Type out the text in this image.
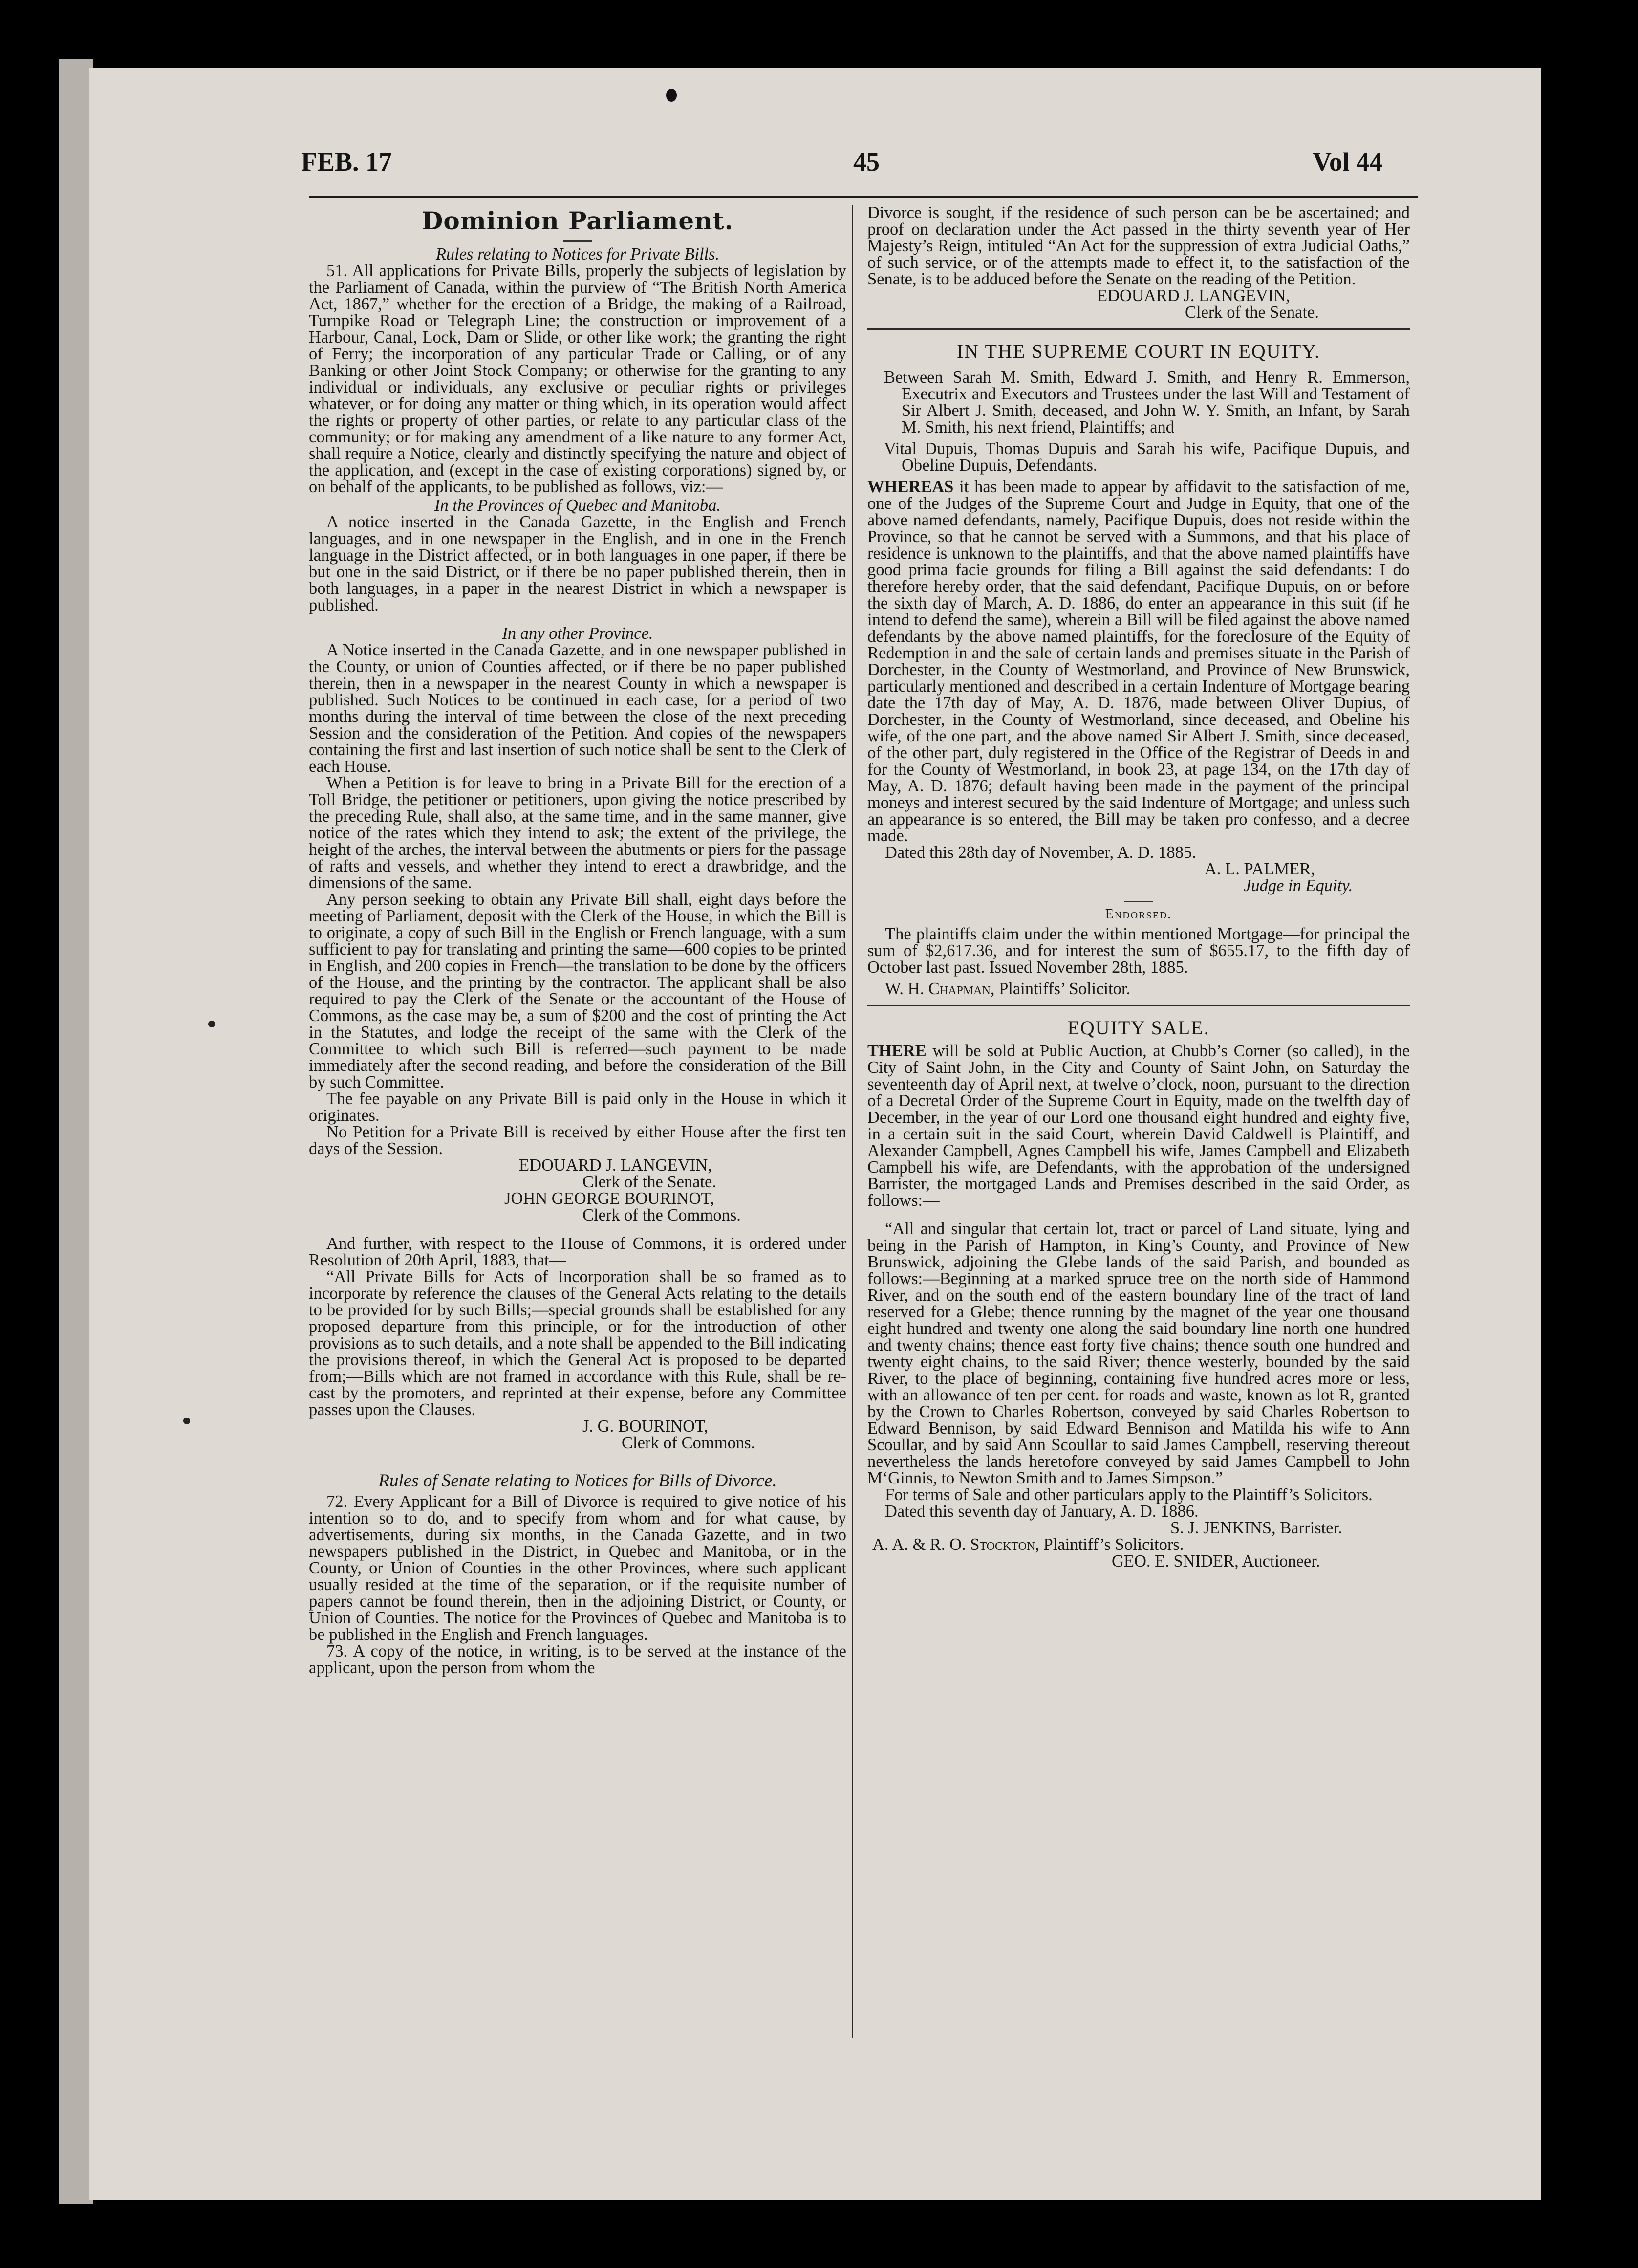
FEB. 17	45	Vol 44
Dominion Parliament.

Rules relating to Notices for Private Bills.

51. All applications for Private Bills, properly the subjects of legislation by the Parliament of Canada, within the purview of “The British North America Act, 1867,” whether for the erection of a Bridge, the making of a Railroad, Turnpike Road or Telegraph Line; the construction or improvement of a Harbour, Canal, Lock, Dam or Slide, or other like work; the granting the right of Ferry; the incorporation of any particular Trade or Calling, or of any Banking or other Joint Stock Company; or otherwise for the granting to any individual or individuals, any exclusive or peculiar rights or privileges whatever, or for doing any matter or thing which, in its operation would affect the rights or property of other parties, or relate to any particular class of the community; or for making any amendment of a like nature to any former Act, shall require a Notice, clearly and distinctly specifying the nature and object of the application, and (except in the case of existing corporations) signed by, or on behalf of the applicants, to be published as follows, viz:—

In the Provinces of Quebec and Manitoba.

A notice inserted in the Canada Gazette, in the English and French languages, and in one newspaper in the English, and in one in the French language in the District affected, or in both languages in one paper, if there be but one in the said District, or if there be no paper published therein, then in both languages, in a paper in the nearest District in which a newspaper is published.

In any other Province.

A Notice inserted in the Canada Gazette, and in one newspaper published in the County, or union of Counties affected, or if there be no paper published therein, then in a newspaper in the nearest County in which a newspaper is published. Such Notices to be continued in each case, for a period of two months during the interval of time between the close of the next preceding Session and the consideration of the Petition. And copies of the newspapers containing the first and last insertion of such notice shall be sent to the Clerk of each House.

When a Petition is for leave to bring in a Private Bill for the erection of a Toll Bridge, the petitioner or petitioners, upon giving the notice prescribed by the preceding Rule, shall also, at the same time, and in the same manner, give notice of the rates which they intend to ask; the extent of the privilege, the height of the arches, the interval between the abutments or piers for the passage of rafts and vessels, and whether they intend to erect a drawbridge, and the dimensions of the same.

Any person seeking to obtain any Private Bill shall, eight days before the meeting of Parliament, deposit with the Clerk of the House, in which the Bill is to originate, a copy of such Bill in the English or French language, with a sum sufficient to pay for translating and printing the same—600 copies to be printed in English, and 200 copies in French—the translation to be done by the officers of the House, and the printing by the contractor. The applicant shall be also required to pay the Clerk of the Senate or the accountant of the House of Commons, as the case may be, a sum of $200 and the cost of printing the Act in the Statutes, and lodge the receipt of the same with the Clerk of the Committee to which such Bill is referred—such payment to be made immediately after the second reading, and before the consideration of the Bill by such Committee.

The fee payable on any Private Bill is paid only in the House in which it originates.

No Petition for a Private Bill is received by either House after the first ten days of the Session.

EDOUARD J. LANGEVIN,
Clerk of the Senate.
JOHN GEORGE BOURINOT,
Clerk of the Commons.

And further, with respect to the House of Commons, it is ordered under Resolution of 20th April, 1883, that—

“All Private Bills for Acts of Incorporation shall be so framed as to incorporate by reference the clauses of the General Acts relating to the details to be provided for by such Bills;—special grounds shall be established for any proposed departure from this principle, or for the introduction of other provisions as to such details, and a note shall be appended to the Bill indicating the provisions thereof, in which the General Act is proposed to be departed from;—Bills which are not framed in accordance with this Rule, shall be re-cast by the promoters, and reprinted at their expense, before any Committee passes upon the Clauses.

J. G. BOURINOT,
Clerk of Commons.

Rules of Senate relating to Notices for Bills of Divorce.

72. Every Applicant for a Bill of Divorce is required to give notice of his intention so to do, and to specify from whom and for what cause, by advertisements, during six months, in the Canada Gazette, and in two newspapers published in the District, in Quebec and Manitoba, or in the County, or Union of Counties in the other Provinces, where such applicant usually resided at the time of the separation, or if the requisite number of papers cannot be found therein, then in the adjoining District, or County, or Union of Counties. The notice for the Provinces of Quebec and Manitoba is to be published in the English and French languages.

73. A copy of the notice, in writing, is to be served at the instance of the applicant, upon the person from whom the

Divorce is sought, if the residence of such person can be be ascertained; and proof on declaration under the Act passed in the thirty seventh year of Her Majesty’s Reign, intituled “An Act for the suppression of extra Judicial Oaths,” of such service, or of the attempts made to effect it, to the satisfaction of the Senate, is to be adduced before the Senate on the reading of the Petition.

EDOUARD J. LANGEVIN,
Clerk of the Senate.
IN THE SUPREME COURT IN EQUITY.

Between Sarah M. Smith, Edward J. Smith, and Henry R. Emmerson, Executrix and Executors and Trustees under the last Will and Testament of Sir Albert J. Smith, deceased, and John W. Y. Smith, an Infant, by Sarah M. Smith, his next friend, Plaintiffs; and

Vital Dupuis, Thomas Dupuis and Sarah his wife, Pacifique Dupuis, and Obeline Dupuis, Defendants.

WHEREAS it has been made to appear by affidavit to the satisfaction of me, one of the Judges of the Supreme Court and Judge in Equity, that one of the above named defendants, namely, Pacifique Dupuis, does not reside within the Province, so that he cannot be served with a Summons, and that his place of residence is unknown to the plaintiffs, and that the above named plaintiffs have good prima facie grounds for filing a Bill against the said defendants: I do therefore hereby order, that the said defendant, Pacifique Dupuis, on or before the sixth day of March, A. D. 1886, do enter an appearance in this suit (if he intend to defend the same), wherein a Bill will be filed against the above named defendants by the above named plaintiffs, for the foreclosure of the Equity of Redemption in and the sale of certain lands and premises situate in the Parish of Dorchester, in the County of Westmorland, and Province of New Brunswick, particularly mentioned and described in a certain Indenture of Mortgage bearing date the 17th day of May, A. D. 1876, made between Oliver Dupius, of Dorchester, in the County of Westmorland, since deceased, and Obeline his wife, of the one part, and the above named Sir Albert J. Smith, since deceased, of the other part, duly registered in the Office of the Registrar of Deeds in and for the County of Westmorland, in book 23, at page 134, on the 17th day of May, A. D. 1876; default having been made in the payment of the principal moneys and interest secured by the said Indenture of Mortgage; and unless such an appearance is so entered, the Bill may be taken pro confesso, and a decree made.

Dated this 28th day of November, A. D. 1885.

A. L. PALMER,
Judge in Equity.

Endorsed.

The plaintiffs claim under the within mentioned Mortgage—for principal the sum of $2,617.36, and for interest the sum of $655.17, to the fifth day of October last past. Issued November 28th, 1885.

W. H. Chapman, Plaintiffs’ Solicitor.

EQUITY SALE.

THERE will be sold at Public Auction, at Chubb’s Corner (so called), in the City of Saint John, in the City and County of Saint John, on Saturday the seventeenth day of April next, at twelve o’clock, noon, pursuant to the direction of a Decretal Order of the Supreme Court in Equity, made on the twelfth day of December, in the year of our Lord one thousand eight hundred and eighty five, in a certain suit in the said Court, wherein David Caldwell is Plaintiff, and Alexander Campbell, Agnes Campbell his wife, James Campbell and Elizabeth Campbell his wife, are Defendants, with the approbation of the undersigned Barrister, the mortgaged Lands and Premises described in the said Order, as follows:—

“All and singular that certain lot, tract or parcel of Land situate, lying and being in the Parish of Hampton, in King’s County, and Province of New Brunswick, adjoining the Glebe lands of the said Parish, and bounded as follows:—Beginning at a marked spruce tree on the north side of Hammond River, and on the south end of the eastern boundary line of the tract of land reserved for a Glebe; thence running by the magnet of the year one thousand eight hundred and twenty one along the said boundary line north one hundred and twenty chains; thence east forty five chains; thence south one hundred and twenty eight chains, to the said River; thence westerly, bounded by the said River, to the place of beginning, containing five hundred acres more or less, with an allowance of ten per cent. for roads and waste, known as lot R, granted by the Crown to Charles Robertson, conveyed by said Charles Robertson to Edward Bennison, by said Edward Bennison and Matilda his wife to Ann Scoullar, and by said Ann Scoullar to said James Campbell, reserving thereout nevertheless the lands heretofore conveyed by said James Campbell to John M‘Ginnis, to Newton Smith and to James Simpson.”

For terms of Sale and other particulars apply to the Plaintiff’s Solicitors.

Dated this seventh day of January, A. D. 1886.

S. J. JENKINS, Barrister.

A. A. & R. O. Stockton, Plaintiff’s Solicitors.

GEO. E. SNIDER, Auctioneer.
